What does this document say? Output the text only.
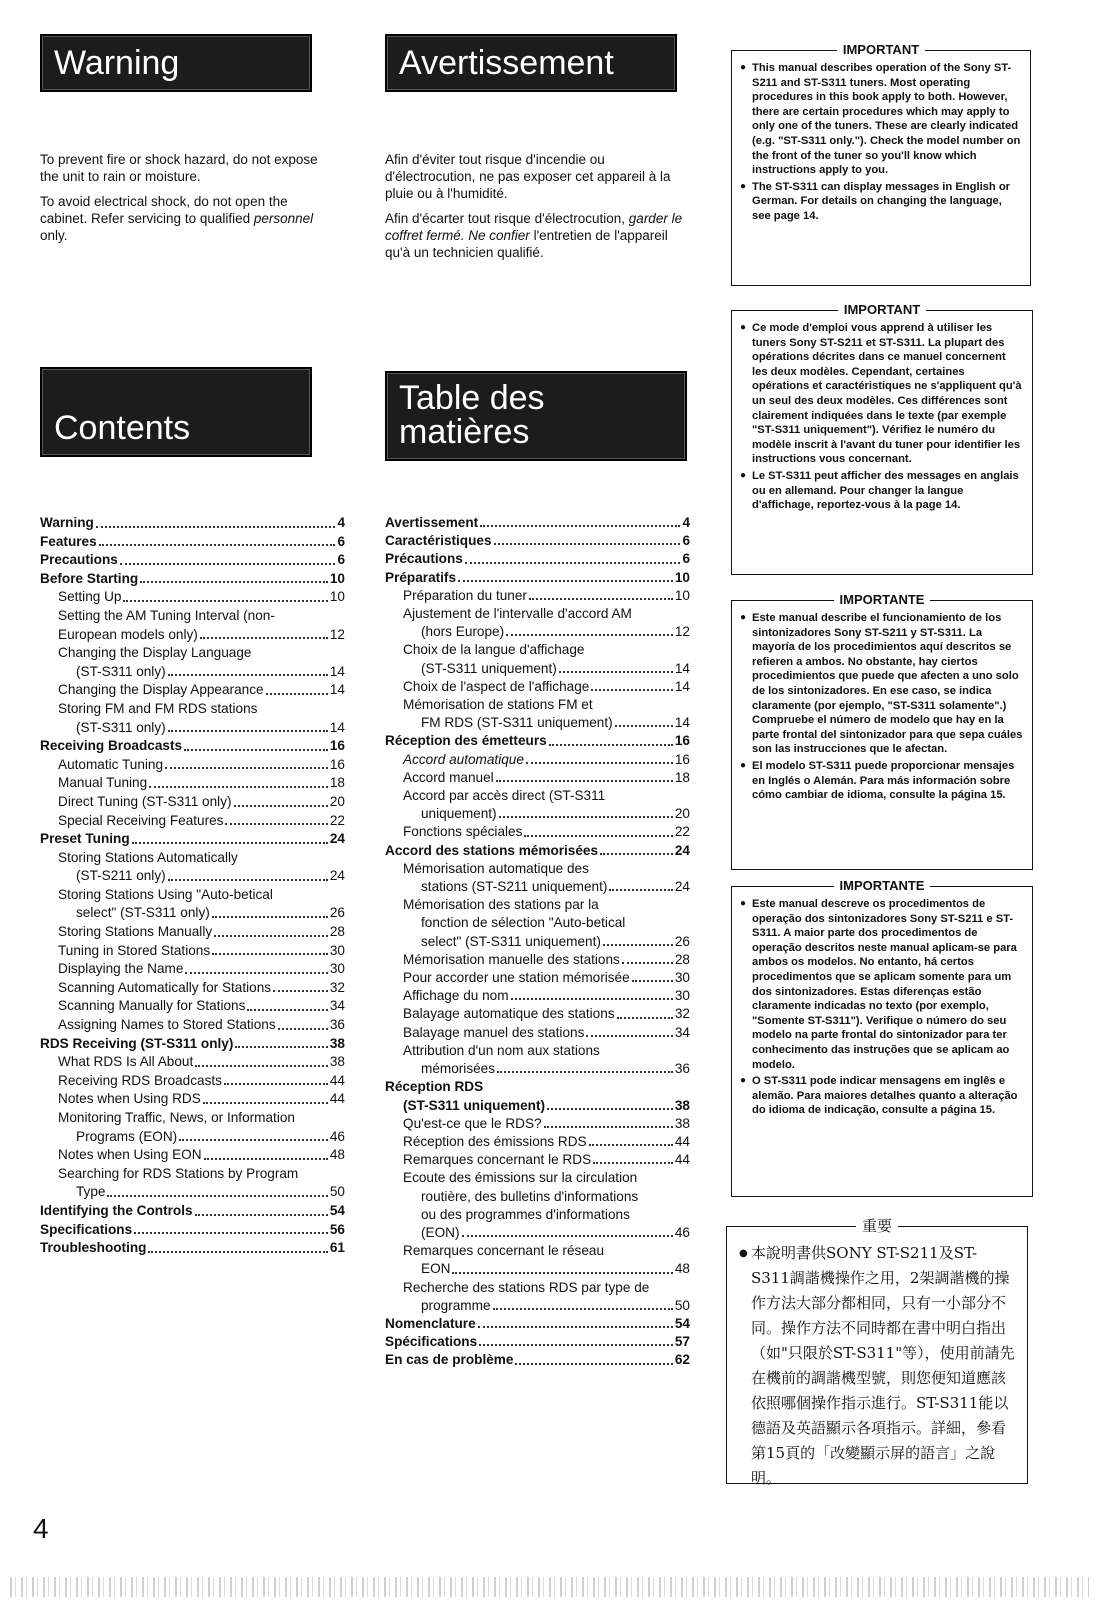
Warning	Avertissement
Contents
Table des matières

To prevent fire or shock hazard, do not expose the unit to rain or moisture.

To avoid electrical shock, do not open the cabinet. Refer servicing to qualified personnel only.

Afin d'éviter tout risque d'incendie ou d'électrocution, ne pas exposer cet appareil à la pluie ou à l'humidité.

Afin d'écarter tout risque d'électrocution, garder le coffret fermé. Ne confier l'entretien de l'appareil qu'à un technicien qualifié.

Warning	4
Features	6
Precautions	6
Before Starting	10
Setting Up	10
Setting the AM Tuning Interval (non-
European models only)	12
Changing the Display Language
(ST-S311 only)	14
Changing the Display Appearance	14
Storing FM and FM RDS stations
(ST-S311 only)	14
Receiving Broadcasts	16
Automatic Tuning	16
Manual Tuning	18
Direct Tuning (ST-S311 only)	20
Special Receiving Features	22
Preset Tuning	24
Storing Stations Automatically
(ST-S211 only)	24
Storing Stations Using "Auto-betical
select" (ST-S311 only)	26
Storing Stations Manually	28
Tuning in Stored Stations	30
Displaying the Name	30
Scanning Automatically for Stations	32
Scanning Manually for Stations	34
Assigning Names to Stored Stations	36
RDS Receiving (ST-S311 only)	38
What RDS Is All About	38
Receiving RDS Broadcasts	44
Notes when Using RDS	44
Monitoring Traffic, News, or Information
Programs (EON)	46
Notes when Using EON	48
Searching for RDS Stations by Program
Type	50
Identifying the Controls	54
Specifications	56
Troubleshooting	61
Avertissement	4
Caractéristiques	6
Précautions	6
Préparatifs	10
Préparation du tuner	10
Ajustement de l'intervalle d'accord AM
(hors Europe)	12
Choix de la langue d'affichage
(ST-S311 uniquement)	14
Choix de l'aspect de l'affichage	14
Mémorisation de stations FM et
FM RDS (ST-S311 uniquement)	14
Réception des émetteurs	16
Accord automatique	16
Accord manuel	18
Accord par accès direct (ST-S311
uniquement)	20
Fonctions spéciales	22
Accord des stations mémorisées	24
Mémorisation automatique des
stations (ST-S211 uniquement)	24
Mémorisation des stations par la
fonction de sélection "Auto-betical
select" (ST-S311 uniquement)	26
Mémorisation manuelle des stations	28
Pour accorder une station mémorisée	30
Affichage du nom	30
Balayage automatique des stations	32
Balayage manuel des stations	34
Attribution d'un nom aux stations
mémorisées	36
Réception RDS
(ST-S311 uniquement)	38
Qu'est-ce que le RDS?	38
Réception des émissions RDS	44
Remarques concernant le RDS	44
Ecoute des émissions sur la circulation
routière, des bulletins d'informations
ou des programmes d'informations
(EON)	46
Remarques concernant le réseau
EON	48
Recherche des stations RDS par type de
programme	50
Nomenclature	54
Spécifications	57
En cas de problème	62
IMPORTANT
● This manual describes operation of the Sony ST-S211 and ST-S311 tuners. Most operating procedures in this book apply to both. However, there are certain procedures which may apply to only one of the tuners. These are clearly indicated (e.g. "ST-S311 only."). Check the model number on the front of the tuner so you'll know which instructions apply to you.
● The ST-S311 can display messages in English or German. For details on changing the language, see page 14.
IMPORTANT
● Ce mode d'emploi vous apprend à utiliser les tuners Sony ST-S211 et ST-S311. La plupart des opérations décrites dans ce manuel concernent les deux modèles. Cependant, certaines opérations et caractéristiques ne s'appliquent qu'à un seul des deux modèles. Ces différences sont clairement indiquées dans le texte (par exemple "ST-S311 uniquement"). Vérifiez le numéro du modèle inscrit à l'avant du tuner pour identifier les instructions vous concernant.
● Le ST-S311 peut afficher des messages en anglais ou en allemand. Pour changer la langue d'affichage, reportez-vous à la page 14.
IMPORTANTE
● Este manual describe el funcionamiento de los sintonizadores Sony ST-S211 y ST-S311. La mayoría de los procedimientos aquí descritos se refieren a ambos. No obstante, hay ciertos procedimientos que puede que afecten a uno solo de los sintonizadores. En ese caso, se indica claramente (por ejemplo, "ST-S311 solamente".) Compruebe el número de modelo que hay en la parte frontal del sintonizador para que sepa cuáles son las instrucciones que le afectan.
● El modelo ST-S311 puede proporcionar mensajes en Inglés o Alemán. Para más información sobre cómo cambiar de idioma, consulte la página 15.
IMPORTANTE
● Este manual descreve os procedimentos de operação dos sintonizadores Sony ST-S211 e ST-S311. A maior parte dos procedimentos de operação descritos neste manual aplicam-se para ambos os modelos. No entanto, há certos procedimentos que se aplicam somente para um dos sintonizadores. Estas diferenças estão claramente indicadas no texto (por exemplo, "Somente ST-S311"). Verifique o número do seu modelo na parte frontal do sintonizador para ter conhecimento das instruções que se aplicam ao modelo.
● O ST-S311 pode indicar mensagens em inglês e alemão. Para maiores detalhes quanto a alteração do idioma de indicação, consulte a página 15.
重要
● 本說明書供SONY ST-S211及ST-S311調諧機操作之用，2架調諧機的操作方法大部分都相同，只有一小部分不同。操作方法不同時都在書中明白指出（如"只限於ST-S311"等），使用前請先在機前的調諧機型號，則您便知道應該依照哪個操作指示進行。ST-S311能以德語及英語顯示各項指示。詳細，參看第15頁的「改變顯示屏的語言」之說明。
4
